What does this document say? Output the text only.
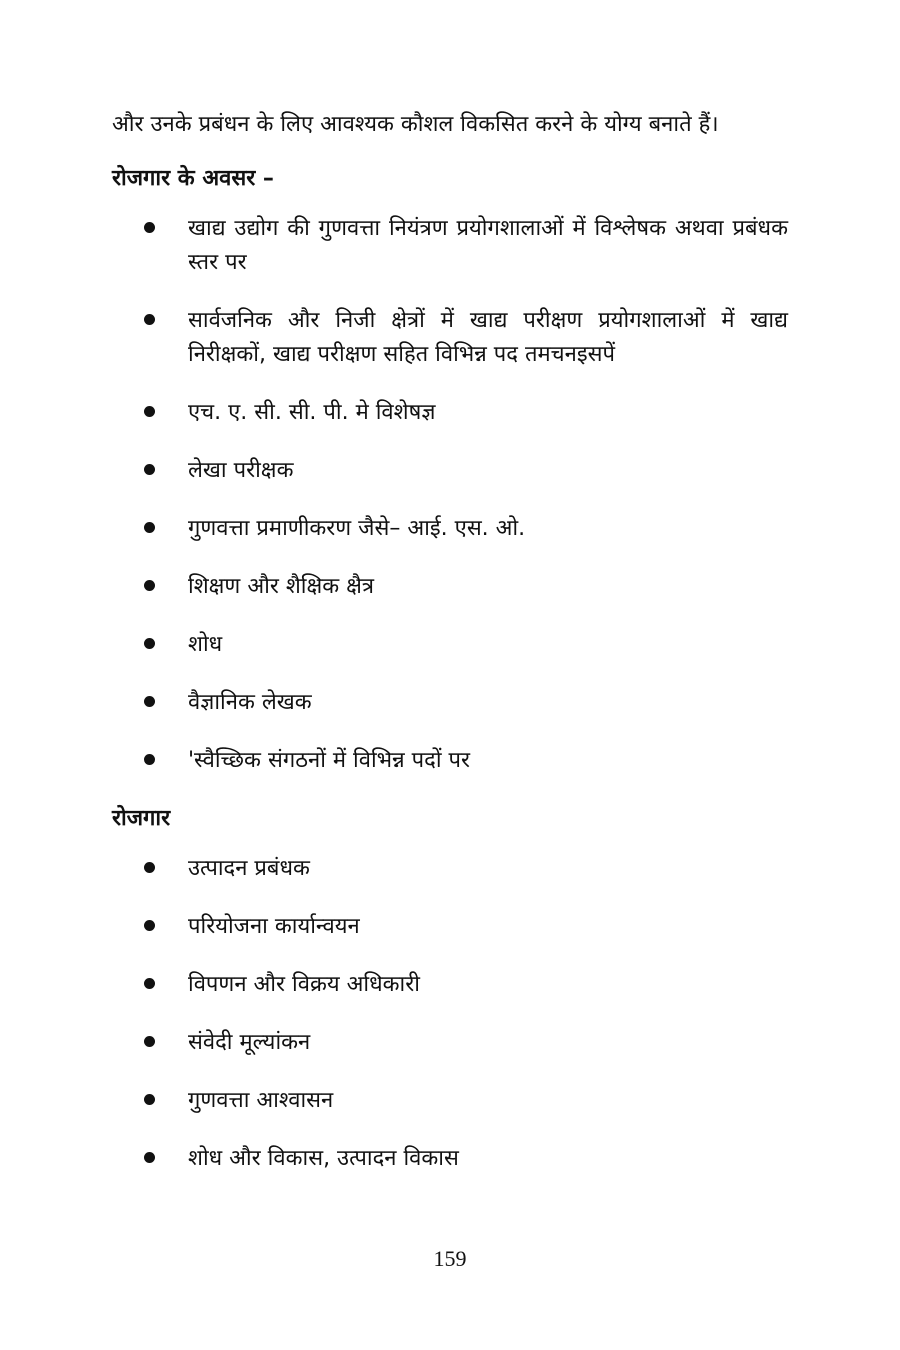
और उनके प्रबंधन के लिए आवश्यक कौशल विकसित करने के योग्य बनाते हैं।

रोजगार के अवसर –
खाद्य उद्योग की गुणवत्ता नियंत्रण प्रयोगशालाओं में विश्लेषक अथवा प्रबंधक स्तर पर
सार्वजनिक और निजी क्षेत्रों में खाद्य परीक्षण प्रयोगशालाओं में खाद्य निरीक्षकों, खाद्य परीक्षण सहित विभिन्न पद तमचनइसपें
एच. ए. सी. सी. पी. मे विशेषज्ञ
लेखा परीक्षक
गुणवत्ता प्रमाणीकरण जैसे– आई. एस. ओ.
शिक्षण और शैक्षिक क्षैत्र
शोध
वैज्ञानिक लेखक
'स्वैच्छिक संगठनों में विभिन्न पदों पर
रोजगार
उत्पादन प्रबंधक
परियोजना कार्यान्वयन
विपणन और विक्रय अधिकारी
संवेदी मूल्यांकन
गुणवत्ता आश्वासन
शोध और विकास, उत्पादन विकास
159
